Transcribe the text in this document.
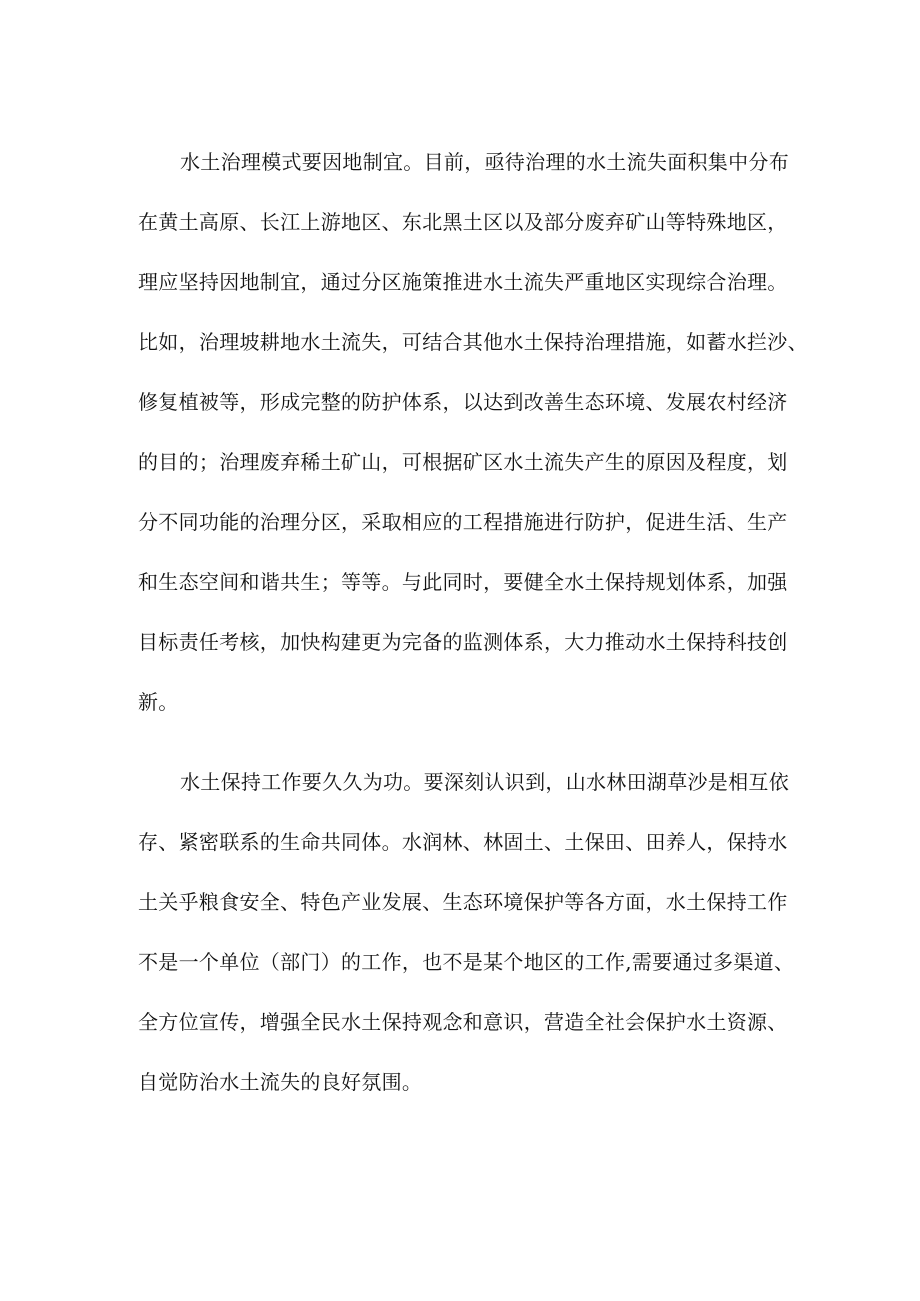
水土治理模式要因地制宜。目前，亟待治理的水土流失面积集中分布
在黄土高原、长江上游地区、东北黑土区以及部分废弃矿山等特殊地区，
理应坚持因地制宜，通过分区施策推进水土流失严重地区实现综合治理。
比如，治理坡耕地水土流失，可结合其他水土保持治理措施，如蓄水拦沙、
修复植被等，形成完整的防护体系，以达到改善生态环境、发展农村经济
的目的；治理废弃稀土矿山，可根据矿区水土流失产生的原因及程度，划
分不同功能的治理分区，采取相应的工程措施进行防护，促进生活、生产
和生态空间和谐共生；等等。与此同时，要健全水土保持规划体系，加强
目标责任考核，加快构建更为完备的监测体系，大力推动水土保持科技创
新。
水土保持工作要久久为功。要深刻认识到，山水林田湖草沙是相互依
存、紧密联系的生命共同体。水润林、林固土、土保田、田养人，保持水
土关乎粮食安全、特色产业发展、生态环境保护等各方面，水土保持工作
不是一个单位（部门）的工作，也不是某个地区的工作,需要通过多渠道、
全方位宣传，增强全民水土保持观念和意识，营造全社会保护水土资源、
自觉防治水土流失的良好氛围。
